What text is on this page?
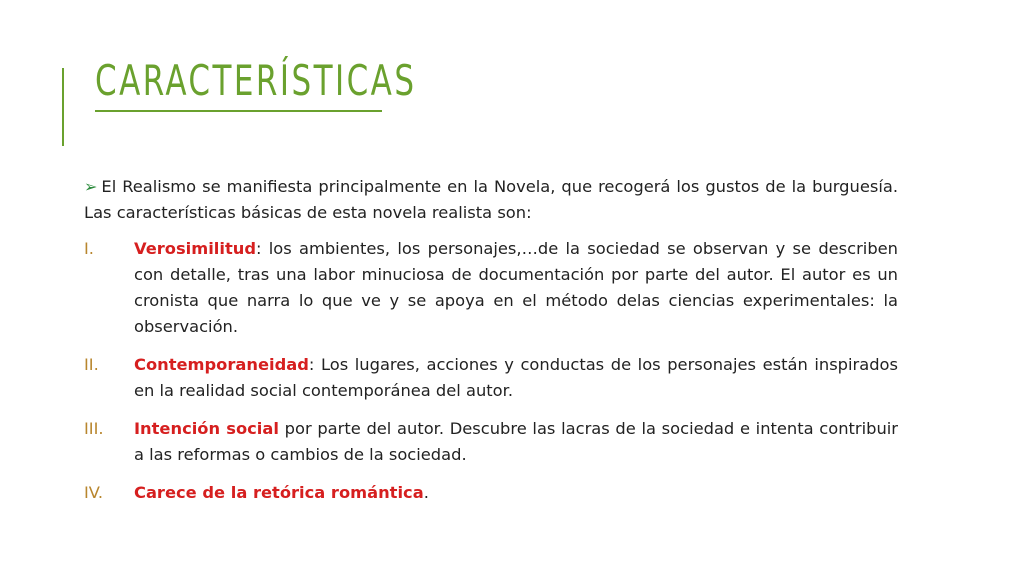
CARACTERÍSTICAS

➢ El Realismo se manifiesta principalmente en la Novela, que recogerá los gustos de la burguesía. Las características básicas de esta novela realista son:

I. Verosimilitud: los ambientes, los personajes,…de la sociedad se observan y se describen con detalle, tras una labor minuciosa de documentación por parte del autor. El autor es un cronista que narra lo que ve y se apoya en el método delas ciencias experimentales: la observación.
II. Contemporaneidad: Los lugares, acciones y conductas de los personajes están inspirados en la realidad social contemporánea del autor.
III. Intención social por parte del autor. Descubre las lacras de la sociedad e intenta contribuir a las reformas o cambios de la sociedad.
IV. Carece de la retórica romántica.
